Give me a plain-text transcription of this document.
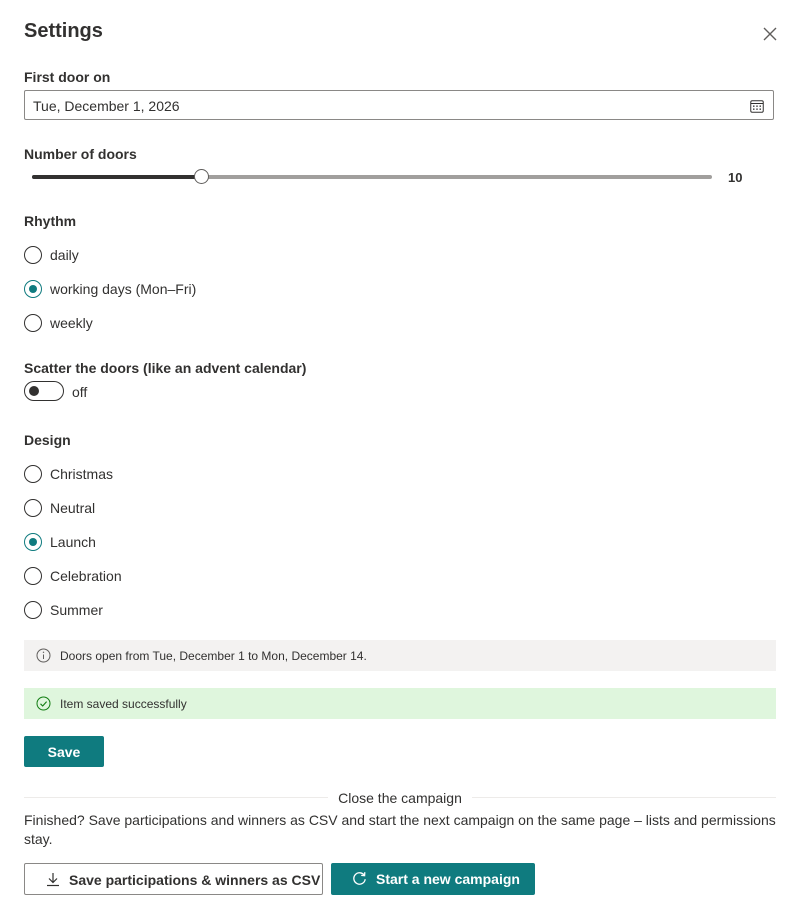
Settings
First door on
Tue, December 1, 2026
Number of doors
10
Rhythm
daily
working days (Mon–Fri)
weekly
Scatter the doors (like an advent calendar)
off
Design
Christmas
Neutral
Launch
Celebration
Summer
Doors open from Tue, December 1 to Mon, December 14.
Item saved successfully
Save
Close the campaign
Finished? Save participations and winners as CSV and start the next campaign on the same page – lists and permissions stay.
Save participations & winners as CSV	Start a new campaign
